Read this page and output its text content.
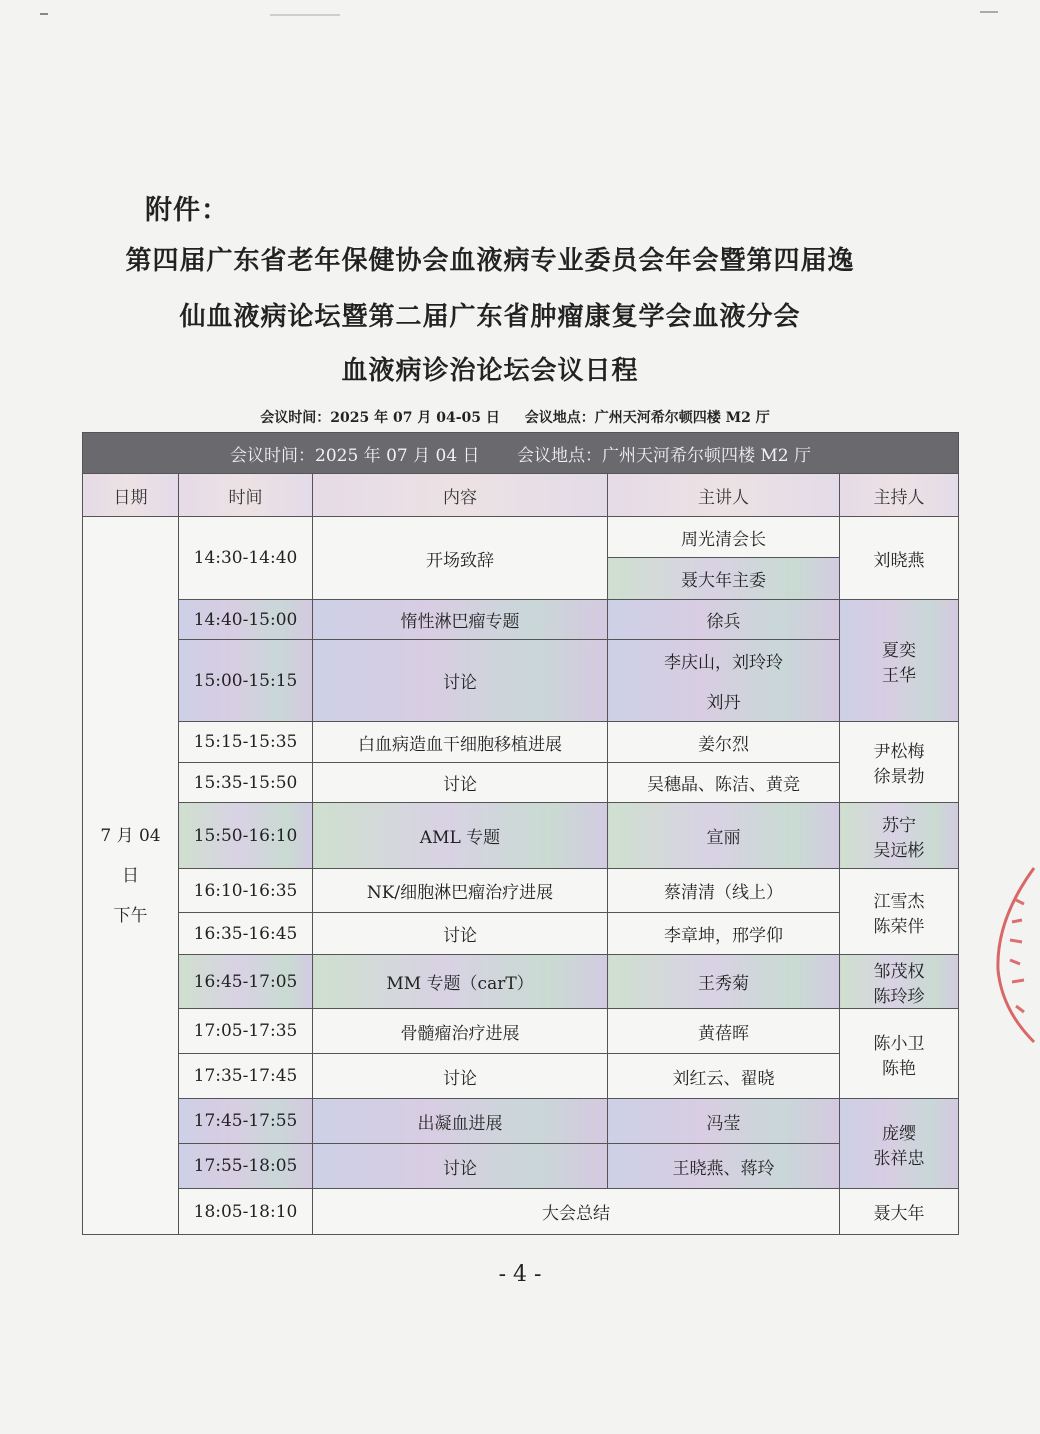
附件：
第四届广东省老年保健协会血液病专业委员会年会暨第四届逸
仙血液病论坛暨第二届广东省肿瘤康复学会血液分会
血液病诊治论坛会议日程
会议时间：2025 年 07 月 04-05 日 会议地点：广州天河希尔顿四楼 M2 厅
会议时间：2025 年 07 月 04 日 会议地点：广州天河希尔顿四楼 M2 厅				
日期	时间	内容	主讲人	主持人

7 月 04
日
下午	14:30-14:40	开场致辞	周光清会长	刘晓燕

			聂大年主委	
	14:40-15:00	惰性淋巴瘤专题	徐兵	夏奕
王华

	15:00-15:15	讨论	李庆山，刘玲玲	
			刘丹	
	15:15-15:35	白血病造血干细胞移植进展	姜尔烈	尹松梅
徐景勃

	15:35-15:50	讨论	吴穗晶、陈洁、黄竞	
	15:50-16:10	AML 专题	宣丽	苏宁
吴远彬

	16:10-16:35	NK/细胞淋巴瘤治疗进展	蔡清清（线上）	江雪杰
陈荣伴

	16:35-16:45	讨论	李章坤，邢学仰	
	16:45-17:05	MM 专题（carT）	王秀菊	邹茂权
陈玲珍

	17:05-17:35	骨髓瘤治疗进展	黄蓓晖	陈小卫
陈艳

	17:35-17:45	讨论	刘红云、翟晓	
	17:45-17:55	出凝血进展	冯莹	庞缨
张祥忠

	17:55-18:05	讨论	王晓燕、蒋玲	
	18:05-18:10	大会总结		聂大年
- 4 -
